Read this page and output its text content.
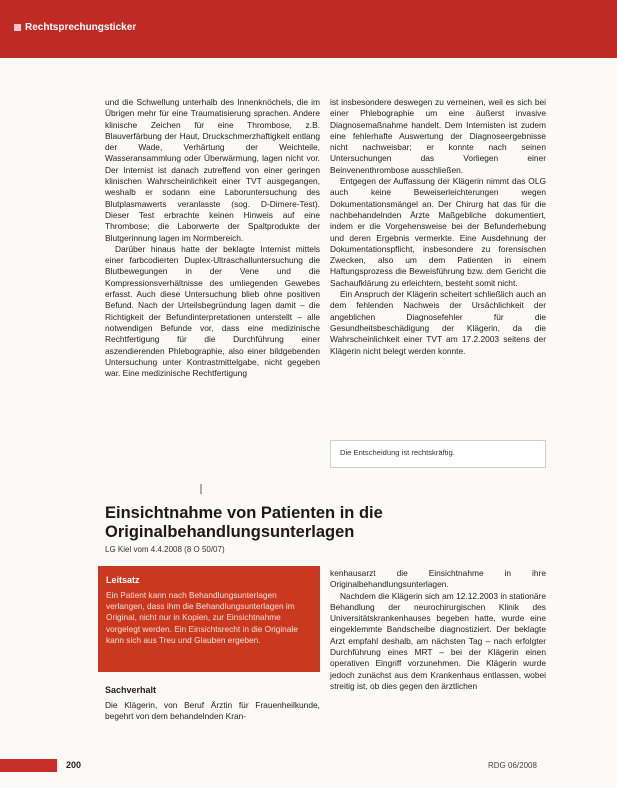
Rechtsprechungsticker

und die Schwellung unterhalb des Innenknöchels, die im Übrigen mehr für eine Traumatisierung sprachen. Andere klinische Zeichen für eine Thrombose, z.B. Blauverfärbung der Haut, Druckschmerzhaftigkeit entlang der Wade, Verhärtung der Weichteile, Wasseransammlung oder Überwärmung, lagen nicht vor. Der Internist ist danach zutreffend von einer geringen klinischen Wahrscheinlichkeit einer TVT ausgegangen, weshalb er sodann eine Laboruntersuchung des Blutplasmawerts veranlasste (sog. D-Dimere-Test). Dieser Test erbrachte keinen Hinweis auf eine Thrombose; die Laborwerte der Spaltprodukte der Blutgerinnung lagen im Normbereich.

Darüber hinaus hatte der beklagte Internist mittels einer farbcodierten Duplex-Ultraschalluntersuchung die Blutbewegungen in der Vene und die Kompressionsverhältnisse des umliegenden Gewebes erfasst. Auch diese Untersuchung blieb ohne positiven Befund. Nach der Urteilsbegründung lagen damit – die Richtigkeit der Befundinterpretationen unterstellt – alle notwendigen Befunde vor, dass eine medizinische Rechtfertigung für die Durchführung einer aszendierenden Phlebographie, also einer bildgebenden Untersuchung unter Kontrastmittelgabe, nicht gegeben war. Eine medizinische Rechtfertigung

ist insbesondere deswegen zu verneinen, weil es sich bei einer Phlebographie um eine äußerst invasive Diagnosemaßnahme handelt. Dem Internisten ist zudem eine fehlerhafte Auswertung der Diagnoseergebnisse nicht nachweisbar; er konnte nach seinen Untersuchungen das Vorliegen einer Beinvenenthrombose ausschließen.

Entgegen der Auffassung der Klägerin nimmt das OLG auch keine Beweiserleichterungen wegen Dokumentationsmängel an. Der Chirurg hat das für die nachbehandelnden Ärzte Maßgebliche dokumentiert, indem er die Vorgehensweise bei der Befunderhebung und deren Ergebnis vermerkte. Eine Ausdehnung der Dokumentationspflicht, insbesondere zu forensischen Zwecken, also um dem Patienten in einem Haftungsprozess die Beweisführung bzw. dem Gericht die Sachaufklärung zu erleichtern, besteht somit nicht.

Ein Anspruch der Klägerin scheitert schließlich auch an dem fehlenden Nachweis der Ursächlichkeit der angeblichen Diagnosefehler für die Gesundheitsbeschädigung der Klägerin, da die Wahrscheinlichkeit einer TVT am 17.2.2003 seitens der Klägerin nicht belegt werden konnte.

Die Entscheidung ist rechtskräftig.
Einsichtnahme von Patienten in die Originalbehandlungsunterlagen
LG Kiel vom 4.4.2008 (8 O 50/07)
Leitsatz

Ein Patient kann nach Behandlungsunterlagen verlangen, dass ihm die Behandlungsunterlagen im Original, nicht nur in Kopien, zur Einsichtnahme vorgelegt werden. Ein Einsichtsrecht in die Originale kann sich aus Treu und Glauben ergeben.

Sachverhalt

Die Klägerin, von Beruf Ärztin für Frauenheilkunde, begehrt von dem behandelnden Kran-

kenhausarzt die Einsichtnahme in ihre Originalbehandlungsunterlagen.

Nachdem die Klägerin sich am 12.12.2003 in stationäre Behandlung der neurochirurgischen Klinik des Universitätskrankenhauses begeben hatte, wurde eine eingeklemmte Bandscheibe diagnostiziert. Der beklagte Arzt empfahl deshalb, am nächsten Tag – nach erfolgter Durchführung eines MRT – bei der Klägerin einen operativen Eingriff vorzunehmen. Die Klägerin wurde jedoch zunächst aus dem Krankenhaus entlassen, wobei streitig ist, ob dies gegen den ärztlichen

200	RDG 06/2008
